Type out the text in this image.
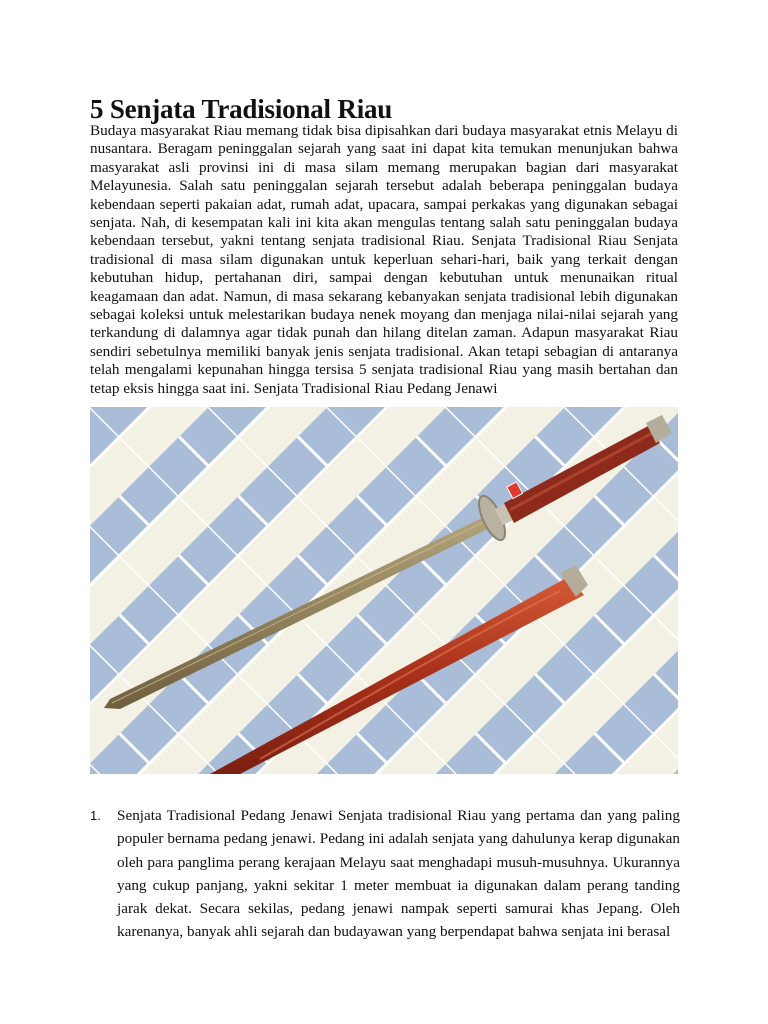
5 Senjata Tradisional Riau

Budaya masyarakat Riau memang tidak bisa dipisahkan dari budaya masyarakat etnis Melayu di nusantara. Beragam peninggalan sejarah yang saat ini dapat kita temukan menunjukan bahwa masyarakat asli provinsi ini di masa silam memang merupakan bagian dari masyarakat Melayunesia. Salah satu peninggalan sejarah tersebut adalah beberapa peninggalan budaya kebendaan seperti pakaian adat, rumah adat, upacara, sampai perkakas yang digunakan sebagai senjata. Nah, di kesempatan kali ini kita akan mengulas tentang salah satu peninggalan budaya kebendaan tersebut, yakni tentang senjata tradisional Riau. Senjata Tradisional Riau Senjata tradisional di masa silam digunakan untuk keperluan sehari-hari, baik yang terkait dengan kebutuhan hidup, pertahanan diri, sampai dengan kebutuhan untuk menunaikan ritual keagamaan dan adat. Namun, di masa sekarang kebanyakan senjata tradisional lebih digunakan sebagai koleksi untuk melestarikan budaya nenek moyang dan menjaga nilai-nilai sejarah yang terkandung di dalamnya agar tidak punah dan hilang ditelan zaman. Adapun masyarakat Riau sendiri sebetulnya memiliki banyak jenis senjata tradisional. Akan tetapi sebagian di antaranya telah mengalami kepunahan hingga tersisa 5 senjata tradisional Riau yang masih bertahan dan tetap eksis hingga saat ini. Senjata Tradisional Riau Pedang Jenawi

1. Senjata Tradisional Pedang Jenawi Senjata tradisional Riau yang pertama dan yang paling populer bernama pedang jenawi. Pedang ini adalah senjata yang dahulunya kerap digunakan oleh para panglima perang kerajaan Melayu saat menghadapi musuh-musuhnya. Ukurannya yang cukup panjang, yakni sekitar 1 meter membuat ia digunakan dalam perang tanding jarak dekat. Secara sekilas, pedang jenawi nampak seperti samurai khas Jepang. Oleh karenanya, banyak ahli sejarah dan budayawan yang berpendapat bahwa senjata ini berasal
